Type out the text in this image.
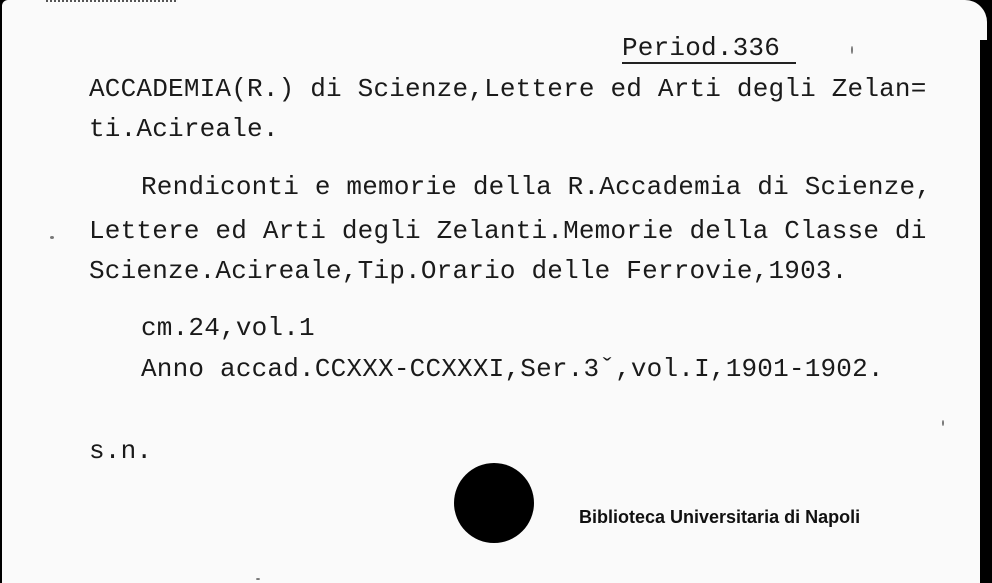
Period.336
ACCADEMIA(R.) di Scienze,Lettere ed Arti degli Zelan=
ti.Acireale.
Rendiconti e memorie della R.Accademia di Scienze,
Lettere ed Arti degli Zelanti.Memorie della Classe di
Scienze.Acireale,Tip.Orario delle Ferrovie,1903.
cm.24,vol.1
Anno accad.CCXXX-CCXXXI,Ser.3ˇ,vol.I,1901-1902.
s.n.
Biblioteca Universitaria di Napoli
